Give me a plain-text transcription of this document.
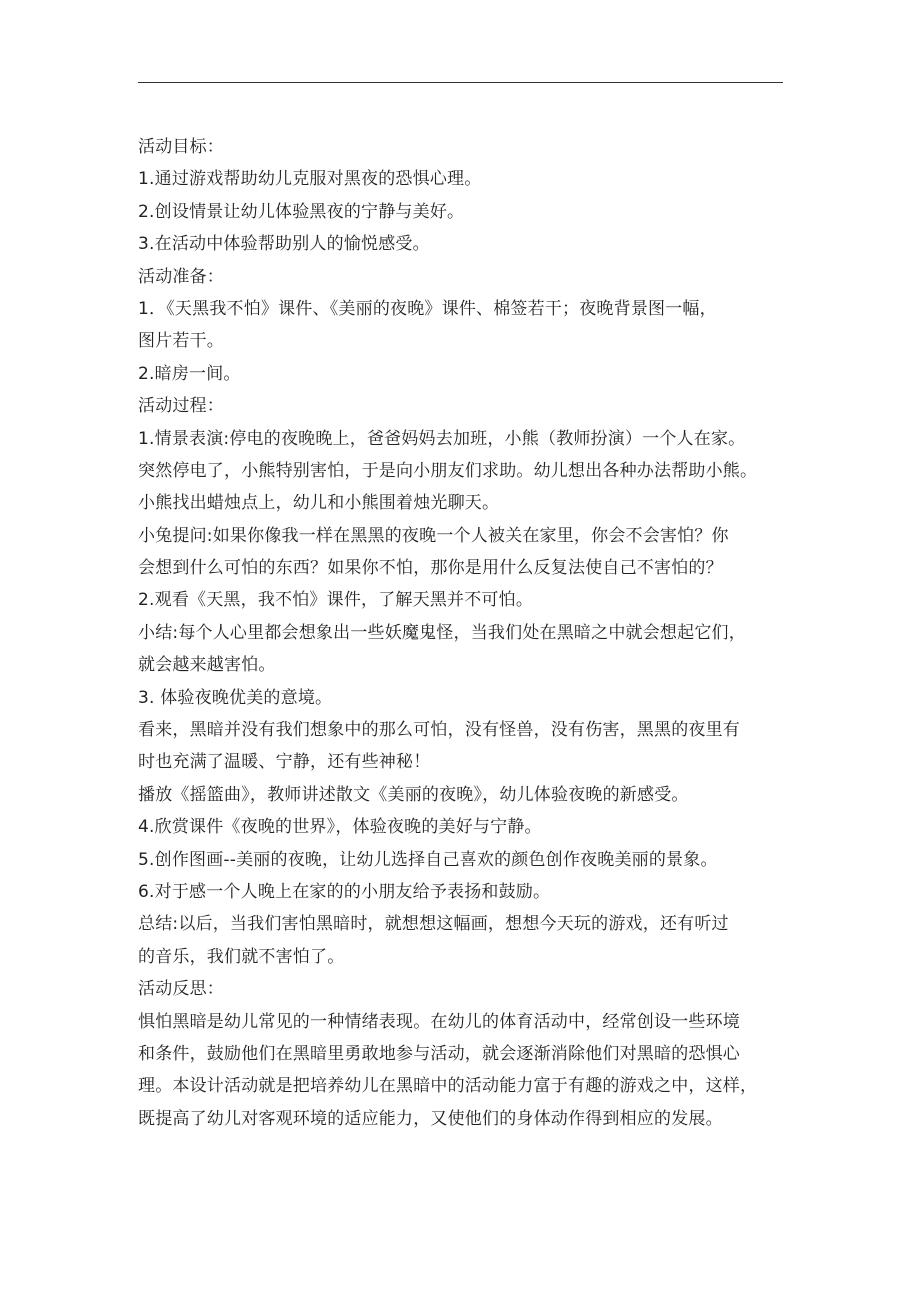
活动目标：
1.通过游戏帮助幼儿克服对黑夜的恐惧心理。
2.创设情景让幼儿体验黑夜的宁静与美好。
3.在活动中体验帮助别人的愉悦感受。
活动准备：
1．《天黑我不怕》课件、《美丽的夜晚》课件、棉签若干；夜晚背景图一幅，
图片若干。
2.暗房一间。
活动过程：
1.情景表演:停电的夜晚晚上，爸爸妈妈去加班，小熊（教师扮演）一个人在家。
突然停电了，小熊特别害怕，于是向小朋友们求助。幼儿想出各种办法帮助小熊。
小熊找出蜡烛点上，幼儿和小熊围着烛光聊天。
小兔提问:如果你像我一样在黑黑的夜晚一个人被关在家里，你会不会害怕？你
会想到什么可怕的东西？如果你不怕，那你是用什么反复法使自己不害怕的？
2.观看《天黑，我不怕》课件，了解天黑并不可怕。
小结:每个人心里都会想象出一些妖魔鬼怪，当我们处在黑暗之中就会想起它们，
就会越来越害怕。
3. 体验夜晚优美的意境。
看来，黑暗并没有我们想象中的那么可怕，没有怪兽，没有伤害，黑黑的夜里有
时也充满了温暖、宁静，还有些神秘！
播放《摇篮曲》，教师讲述散文《美丽的夜晚》，幼儿体验夜晚的新感受。
4.欣赏课件《夜晚的世界》，体验夜晚的美好与宁静。
5.创作图画--美丽的夜晚，让幼儿选择自己喜欢的颜色创作夜晚美丽的景象。
6.对于感一个人晚上在家的的小朋友给予表扬和鼓励。
总结:以后，当我们害怕黑暗时，就想想这幅画，想想今天玩的游戏，还有听过
的音乐，我们就不害怕了。
活动反思：
惧怕黑暗是幼儿常见的一种情绪表现。在幼儿的体育活动中，经常创设一些环境
和条件，鼓励他们在黑暗里勇敢地参与活动，就会逐渐消除他们对黑暗的恐惧心
理。本设计活动就是把培养幼儿在黑暗中的活动能力富于有趣的游戏之中，这样，
既提高了幼儿对客观环境的适应能力，又使他们的身体动作得到相应的发展。
